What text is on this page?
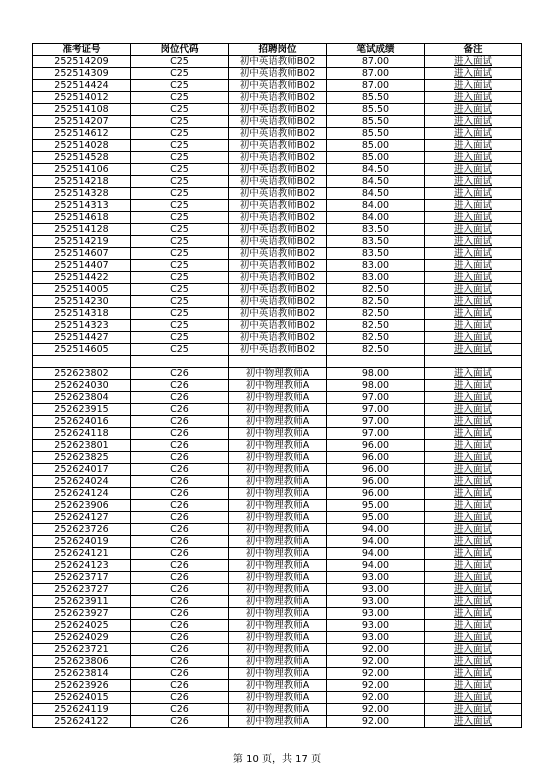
准考证号	岗位代码	招聘岗位	笔试成绩	备注
252514209	C25	初中英语教师B02	87.00	进入面试
252514309	C25	初中英语教师B02	87.00	进入面试
252514424	C25	初中英语教师B02	87.00	进入面试
252514012	C25	初中英语教师B02	85.50	进入面试
252514108	C25	初中英语教师B02	85.50	进入面试
252514207	C25	初中英语教师B02	85.50	进入面试
252514612	C25	初中英语教师B02	85.50	进入面试
252514028	C25	初中英语教师B02	85.00	进入面试
252514528	C25	初中英语教师B02	85.00	进入面试
252514106	C25	初中英语教师B02	84.50	进入面试
252514218	C25	初中英语教师B02	84.50	进入面试
252514328	C25	初中英语教师B02	84.50	进入面试
252514313	C25	初中英语教师B02	84.00	进入面试
252514618	C25	初中英语教师B02	84.00	进入面试
252514128	C25	初中英语教师B02	83.50	进入面试
252514219	C25	初中英语教师B02	83.50	进入面试
252514607	C25	初中英语教师B02	83.50	进入面试
252514407	C25	初中英语教师B02	83.00	进入面试
252514422	C25	初中英语教师B02	83.00	进入面试
252514005	C25	初中英语教师B02	82.50	进入面试
252514230	C25	初中英语教师B02	82.50	进入面试
252514318	C25	初中英语教师B02	82.50	进入面试
252514323	C25	初中英语教师B02	82.50	进入面试
252514427	C25	初中英语教师B02	82.50	进入面试
252514605	C25	初中英语教师B02	82.50	进入面试

252623802	C26	初中物理教师A	98.00	进入面试
252624030	C26	初中物理教师A	98.00	进入面试
252623804	C26	初中物理教师A	97.00	进入面试
252623915	C26	初中物理教师A	97.00	进入面试
252624016	C26	初中物理教师A	97.00	进入面试
252624118	C26	初中物理教师A	97.00	进入面试
252623801	C26	初中物理教师A	96.00	进入面试
252623825	C26	初中物理教师A	96.00	进入面试
252624017	C26	初中物理教师A	96.00	进入面试
252624024	C26	初中物理教师A	96.00	进入面试
252624124	C26	初中物理教师A	96.00	进入面试
252623906	C26	初中物理教师A	95.00	进入面试
252624127	C26	初中物理教师A	95.00	进入面试
252623726	C26	初中物理教师A	94.00	进入面试
252624019	C26	初中物理教师A	94.00	进入面试
252624121	C26	初中物理教师A	94.00	进入面试
252624123	C26	初中物理教师A	94.00	进入面试
252623717	C26	初中物理教师A	93.00	进入面试
252623727	C26	初中物理教师A	93.00	进入面试
252623911	C26	初中物理教师A	93.00	进入面试
252623927	C26	初中物理教师A	93.00	进入面试
252624025	C26	初中物理教师A	93.00	进入面试
252624029	C26	初中物理教师A	93.00	进入面试
252623721	C26	初中物理教师A	92.00	进入面试
252623806	C26	初中物理教师A	92.00	进入面试
252623814	C26	初中物理教师A	92.00	进入面试
252623926	C26	初中物理教师A	92.00	进入面试
252624015	C26	初中物理教师A	92.00	进入面试
252624119	C26	初中物理教师A	92.00	进入面试
252624122	C26	初中物理教师A	92.00	进入面试
第 10 页，共 17 页
